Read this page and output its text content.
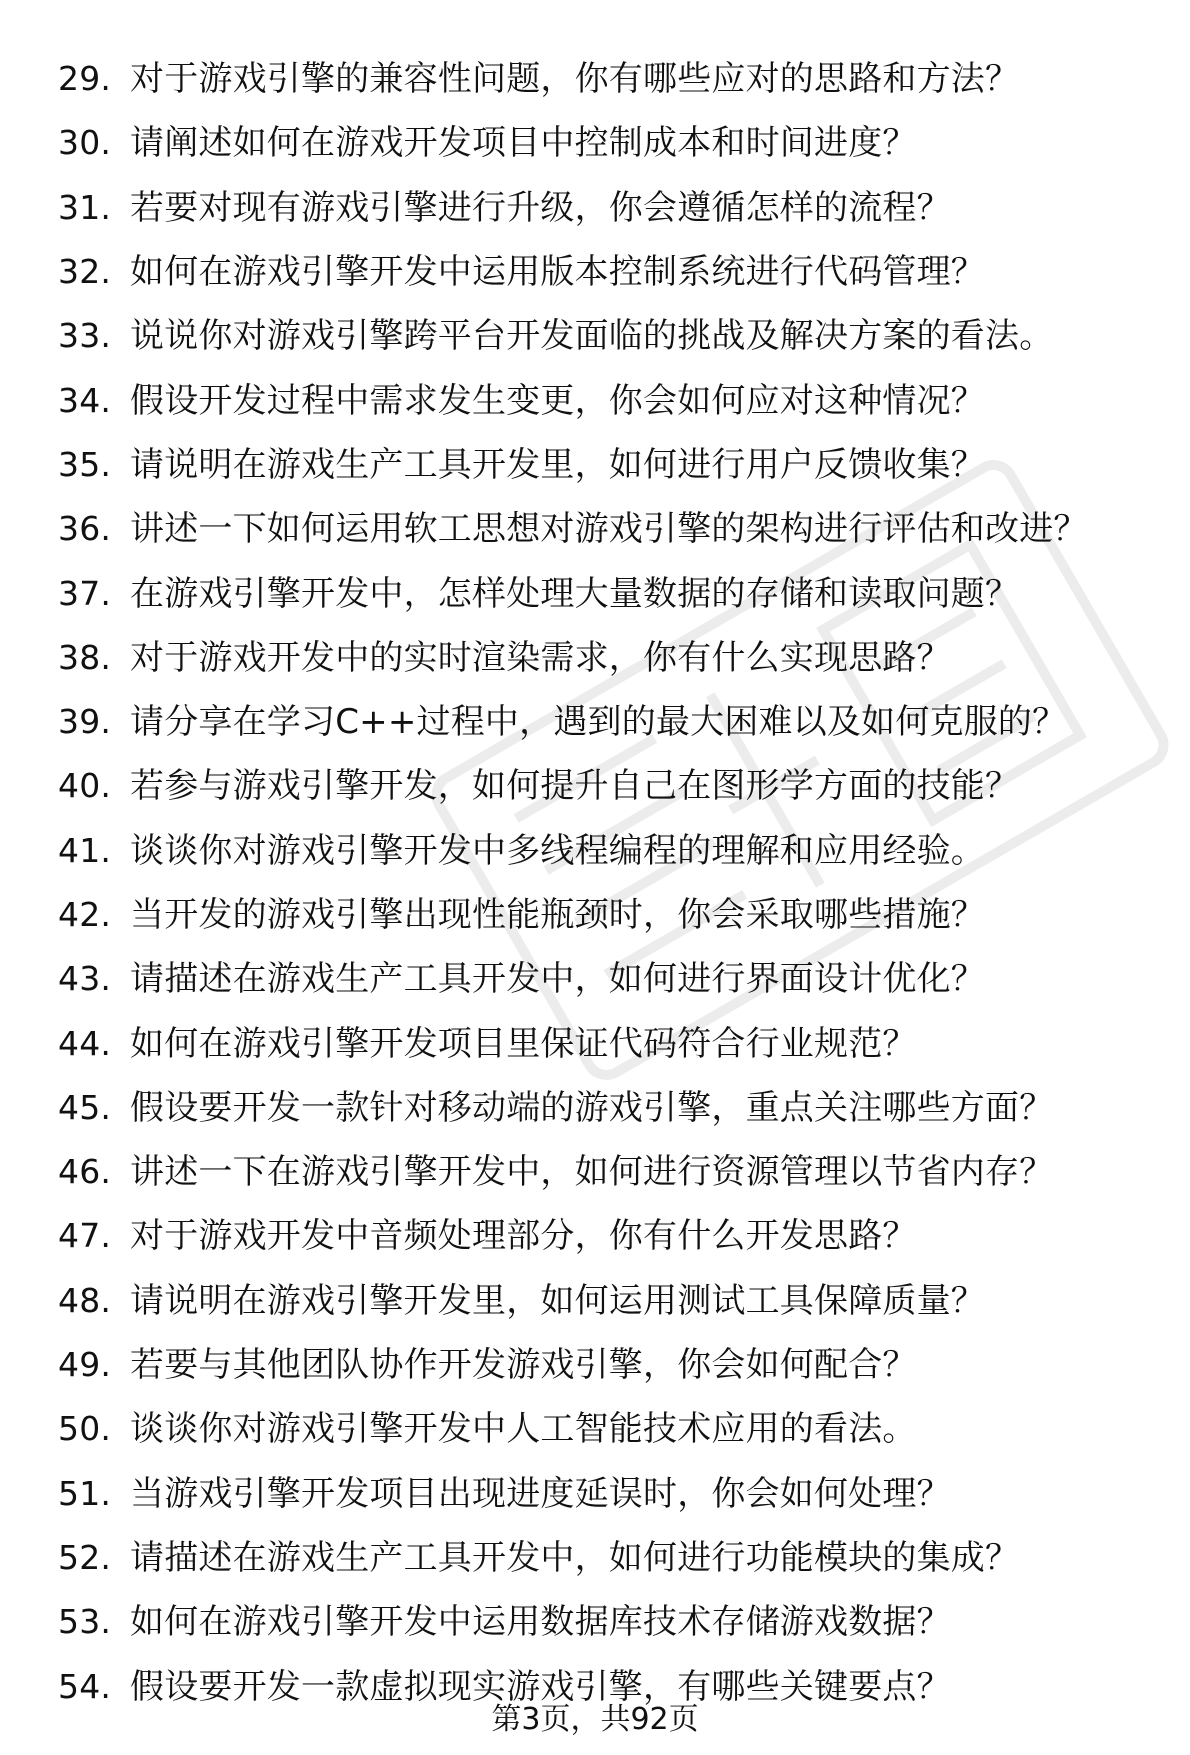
29. 对于游戏引擎的兼容性问题，你有哪些应对的思路和方法？
30. 请阐述如何在游戏开发项目中控制成本和时间进度？
31. 若要对现有游戏引擎进行升级，你会遵循怎样的流程？
32. 如何在游戏引擎开发中运用版本控制系统进行代码管理？
33. 说说你对游戏引擎跨平台开发面临的挑战及解决方案的看法。
34. 假设开发过程中需求发生变更，你会如何应对这种情况？
35. 请说明在游戏生产工具开发里，如何进行用户反馈收集？
36. 讲述一下如何运用软工思想对游戏引擎的架构进行评估和改进？
37. 在游戏引擎开发中，怎样处理大量数据的存储和读取问题？
38. 对于游戏开发中的实时渲染需求，你有什么实现思路？
39. 请分享在学习C++过程中，遇到的最大困难以及如何克服的？
40. 若参与游戏引擎开发，如何提升自己在图形学方面的技能？
41. 谈谈你对游戏引擎开发中多线程编程的理解和应用经验。
42. 当开发的游戏引擎出现性能瓶颈时，你会采取哪些措施？
43. 请描述在游戏生产工具开发中，如何进行界面设计优化？
44. 如何在游戏引擎开发项目里保证代码符合行业规范？
45. 假设要开发一款针对移动端的游戏引擎，重点关注哪些方面？
46. 讲述一下在游戏引擎开发中，如何进行资源管理以节省内存？
47. 对于游戏开发中音频处理部分，你有什么开发思路？
48. 请说明在游戏引擎开发里，如何运用测试工具保障质量？
49. 若要与其他团队协作开发游戏引擎，你会如何配合？
50. 谈谈你对游戏引擎开发中人工智能技术应用的看法。
51. 当游戏引擎开发项目出现进度延误时，你会如何处理？
52. 请描述在游戏生产工具开发中，如何进行功能模块的集成？
53. 如何在游戏引擎开发中运用数据库技术存储游戏数据？
54. 假设要开发一款虚拟现实游戏引擎，有哪些关键要点？
第3页，共92页
